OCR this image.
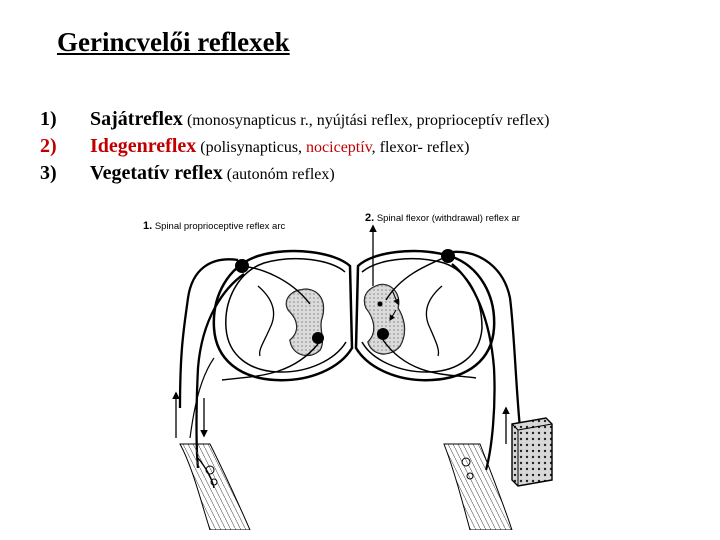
Gerincvelői reflexek
1) Sajátreflex (monosynapticus r., nyújtási reflex, proprioceptív reflex)
2) Idegenreflex (polisynapticus, nociceptív, flexor- reflex)
3) Vegetatív reflex (autonóm reflex)
1. Spinal proprioceptive reflex arc
2. Spinal flexor (withdrawal) reflex ar
